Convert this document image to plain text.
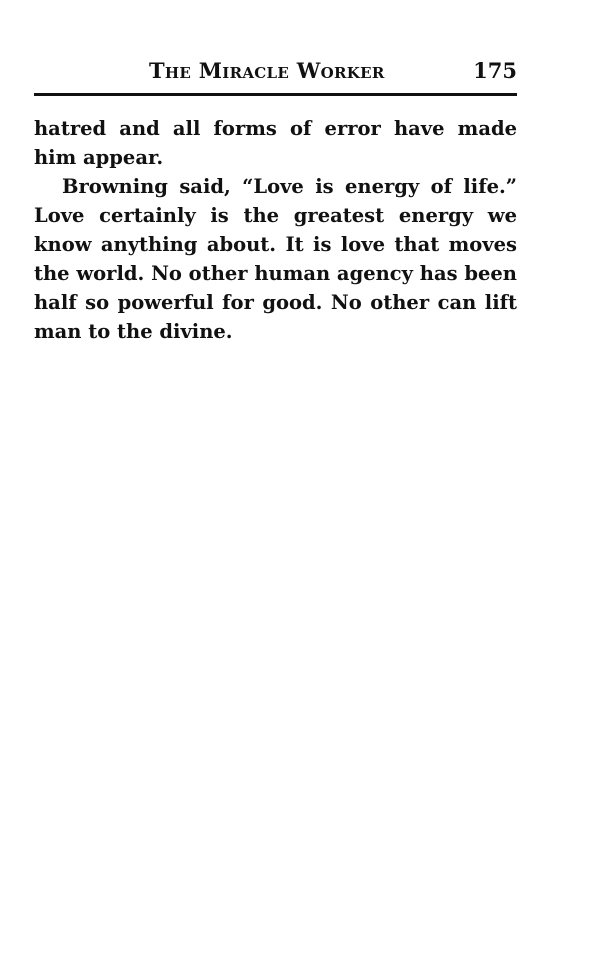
The Miracle Worker	175

hatred and all forms of error have made him appear.

Browning said, “Love is energy of life.” Love certainly is the greatest energy we know anything about. It is love that moves the world. No other human agency has been half so powerful for good. No other can lift man to the divine.
